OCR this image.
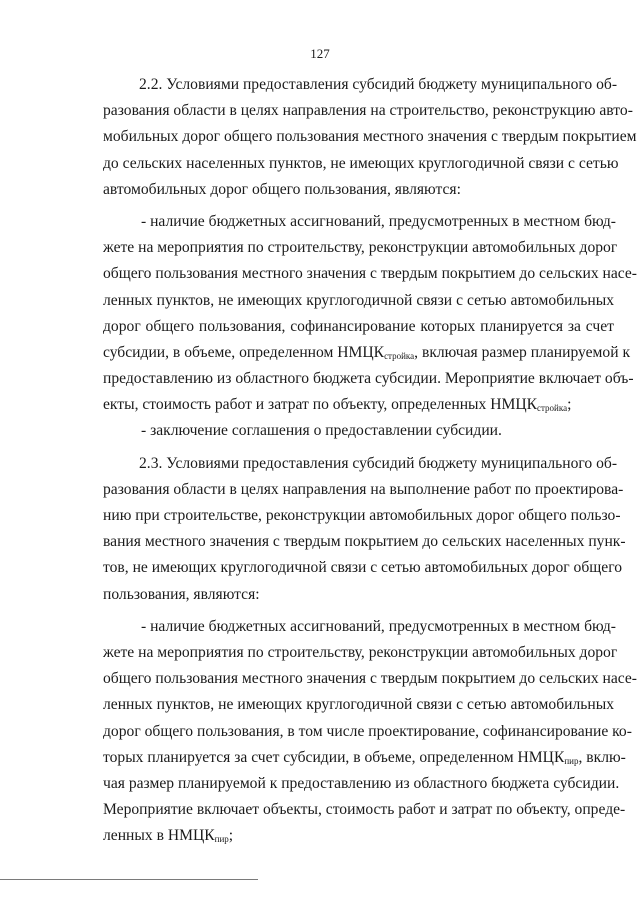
127
2.2. Условиями предоставления субсидий бюджету муниципального об-
разования области в целях направления на строительство, реконструкцию авто-
мобильных дорог общего пользования местного значения с твердым покрытием
до сельских населенных пунктов, не имеющих круглогодичной связи с сетью
автомобильных дорог общего пользования, являются:
- наличие бюджетных ассигнований, предусмотренных в местном бюд-
жете на мероприятия по строительству, реконструкции автомобильных дорог
общего пользования местного значения с твердым покрытием до сельских насе-
ленных пунктов, не имеющих круглогодичной связи с сетью автомобильных
дорог общего пользования, софинансирование которых планируется за счет
субсидии, в объеме, определенном $НМЦК_{стройка}$, включая размер планируемой к
предоставлению из областного бюджета субсидии. Мероприятие включает объ-
екты, стоимость работ и затрат по объекту, определенных $НМЦК_{стройка}$;
- заключение соглашения о предоставлении субсидии.
2.3. Условиями предоставления субсидий бюджету муниципального об-
разования области в целях направления на выполнение работ по проектирова-
нию при строительстве, реконструкции автомобильных дорог общего пользо-
вания местного значения с твердым покрытием до сельских населенных пунк-
тов, не имеющих круглогодичной связи с сетью автомобильных дорог общего
пользования, являются:
- наличие бюджетных ассигнований, предусмотренных в местном бюд-
жете на мероприятия по строительству, реконструкции автомобильных дорог
общего пользования местного значения с твердым покрытием до сельских насе-
ленных пунктов, не имеющих круглогодичной связи с сетью автомобильных
дорог общего пользования, в том числе проектирование, софинансирование ко-
торых планируется за счет субсидии, в объеме, определенном $НМЦК_{пир}$, вклю-
чая размер планируемой к предоставлению из областного бюджета субсидии.
Мероприятие включает объекты, стоимость работ и затрат по объекту, опреде-
ленных в $НМЦК_{пир}$;
